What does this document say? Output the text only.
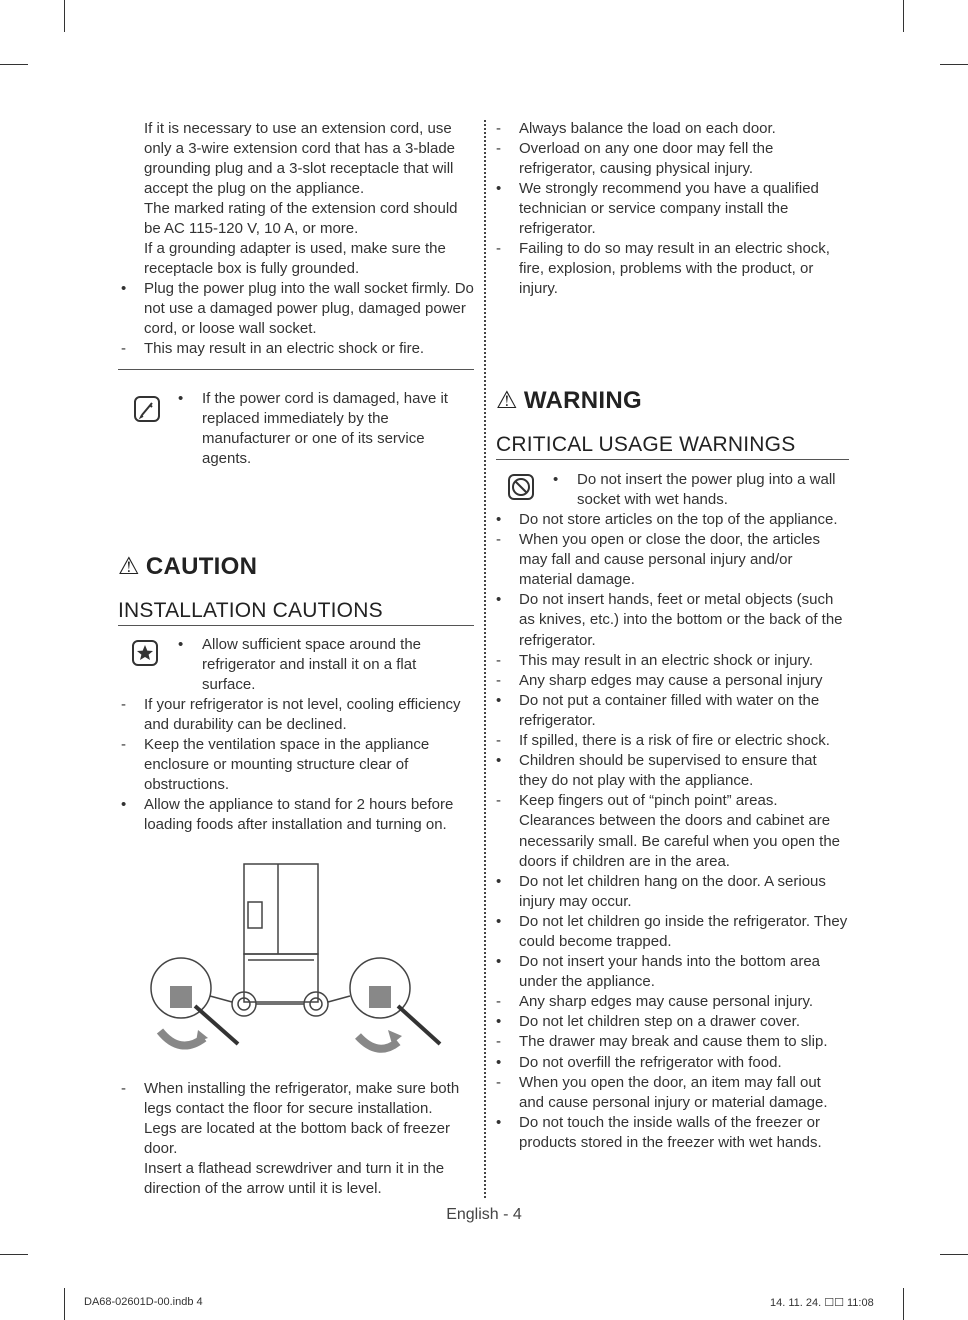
If it is necessary to use an extension cord, use only a 3-wire extension cord that has a 3-blade grounding plug and a 3-slot receptacle that will accept the plug on the appliance.
The marked rating of the extension cord should be AC 115-120 V, 10 A, or more.
If a grounding adapter is used, make sure the receptacle box is fully grounded.
• Plug the power plug into the wall socket firmly. Do not use a damaged power plug, damaged power cord, or loose wall socket.
- This may result in an electric shock or fire.
•	If the power cord is damaged, have it replaced immediately by the manufacturer or one of its service agents.
⚠ CAUTION
INSTALLATION CAUTIONS
•	Allow sufficient space around the refrigerator and install it on a flat surface.
- If your refrigerator is not level, cooling efficiency and durability can be declined.
- Keep the ventilation space in the appliance enclosure or mounting structure clear of obstructions.
• Allow the appliance to stand for 2 hours before loading foods after installation and turning on.
- When installing the refrigerator, make sure both legs contact the floor for secure installation.
Legs are located at the bottom back of freezer door.
Insert a flathead screwdriver and turn it in the direction of the arrow until it is level.
- Always balance the load on each door.
- Overload on any one door may fell the refrigerator, causing physical injury.
• We strongly recommend you have a qualified technician or service company install the refrigerator.
- Failing to do so may result in an electric shock, fire, explosion, problems with the product, or injury.
⚠ WARNING
CRITICAL USAGE WARNINGS
•	Do not insert the power plug into a wall socket with wet hands.
• Do not store articles on the top of the appliance.
- When you open or close the door, the articles may fall and cause personal injury and/or material damage.
• Do not insert hands, feet or metal objects (such as knives, etc.) into the bottom or the back of the refrigerator.
- This may result in an electric shock or injury.
- Any sharp edges may cause a personal injury
• Do not put a container filled with water on the refrigerator.
- If spilled, there is a risk of fire or electric shock.
• Children should be supervised to ensure that they do not play with the appliance.
- Keep fingers out of “pinch point” areas. Clearances between the doors and cabinet are necessarily small. Be careful when you open the doors if children are in the area.
• Do not let children hang on the door. A serious injury may occur.
• Do not let children go inside the refrigerator. They could become trapped.
• Do not insert your hands into the bottom area under the appliance.
- Any sharp edges may cause personal injury.
• Do not let children step on a drawer cover.
- The drawer may break and cause them to slip.
• Do not overfill the refrigerator with food.
- When you open the door, an item may fall out and cause personal injury or material damage.
• Do not touch the inside walls of the freezer or products stored in the freezer with wet hands.
English - 4
DA68-02601D-00.indb 4	14. 11. 24. ☐☐ 11:08
